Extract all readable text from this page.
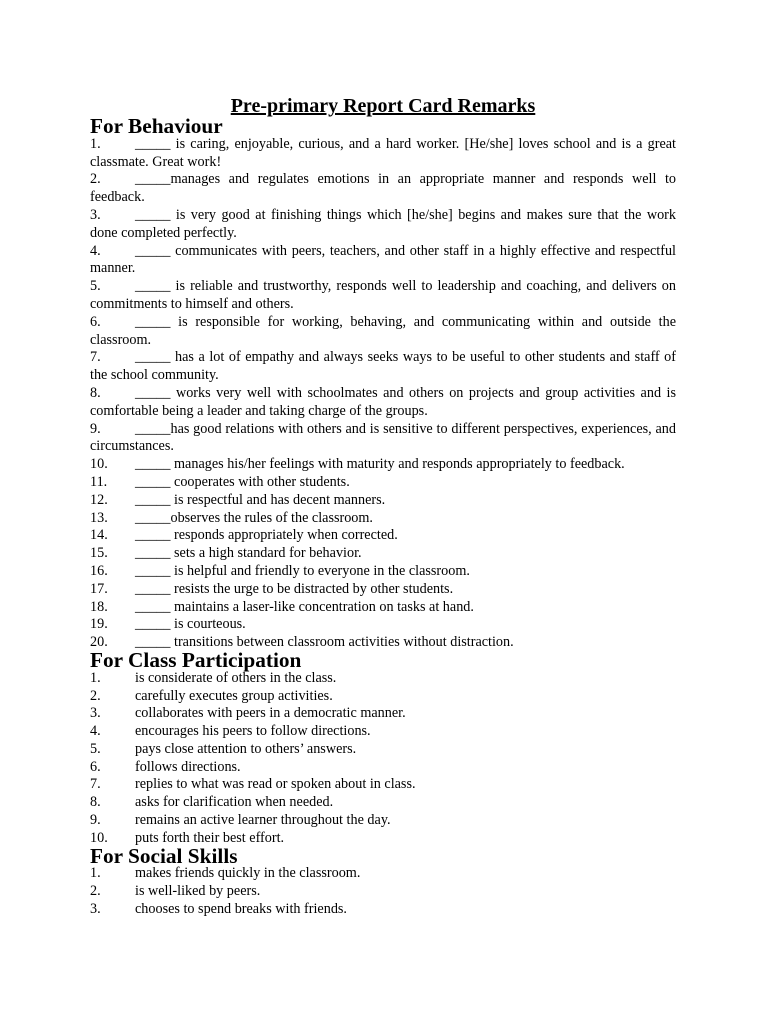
Pre-primary Report Card Remarks
For Behaviour
1. _____ is caring, enjoyable, curious, and a hard worker. [He/she] loves school and is a great classmate. Great work!
2. _____manages and regulates emotions in an appropriate manner and responds well to feedback.
3. _____ is very good at finishing things which [he/she] begins and makes sure that the work done completed perfectly.
4. _____ communicates with peers, teachers, and other staff in a highly effective and respectful manner.
5. _____ is reliable and trustworthy, responds well to leadership and coaching, and delivers on commitments to himself and others.
6. _____ is responsible for working, behaving, and communicating within and outside the classroom.
7. _____ has a lot of empathy and always seeks ways to be useful to other students and staff of the school community.
8. _____ works very well with schoolmates and others on projects and group activities and is comfortable being a leader and taking charge of the groups.
9. _____has good relations with others and is sensitive to different perspectives, experiences, and circumstances.
10. _____ manages his/her feelings with maturity and responds appropriately to feedback.
11. _____ cooperates with other students.
12. _____ is respectful and has decent manners.
13. _____observes the rules of the classroom.
14. _____ responds appropriately when corrected.
15. _____ sets a high standard for behavior.
16. _____ is helpful and friendly to everyone in the classroom.
17. _____ resists the urge to be distracted by other students.
18. _____ maintains a laser-like concentration on tasks at hand.
19. _____ is courteous.
20. _____ transitions between classroom activities without distraction.
For Class Participation
1. is considerate of others in the class.
2. carefully executes group activities.
3. collaborates with peers in a democratic manner.
4. encourages his peers to follow directions.
5. pays close attention to others’ answers.
6. follows directions.
7. replies to what was read or spoken about in class.
8. asks for clarification when needed.
9. remains an active learner throughout the day.
10. puts forth their best effort.
For Social Skills
1. makes friends quickly in the classroom.
2. is well-liked by peers.
3. chooses to spend breaks with friends.
